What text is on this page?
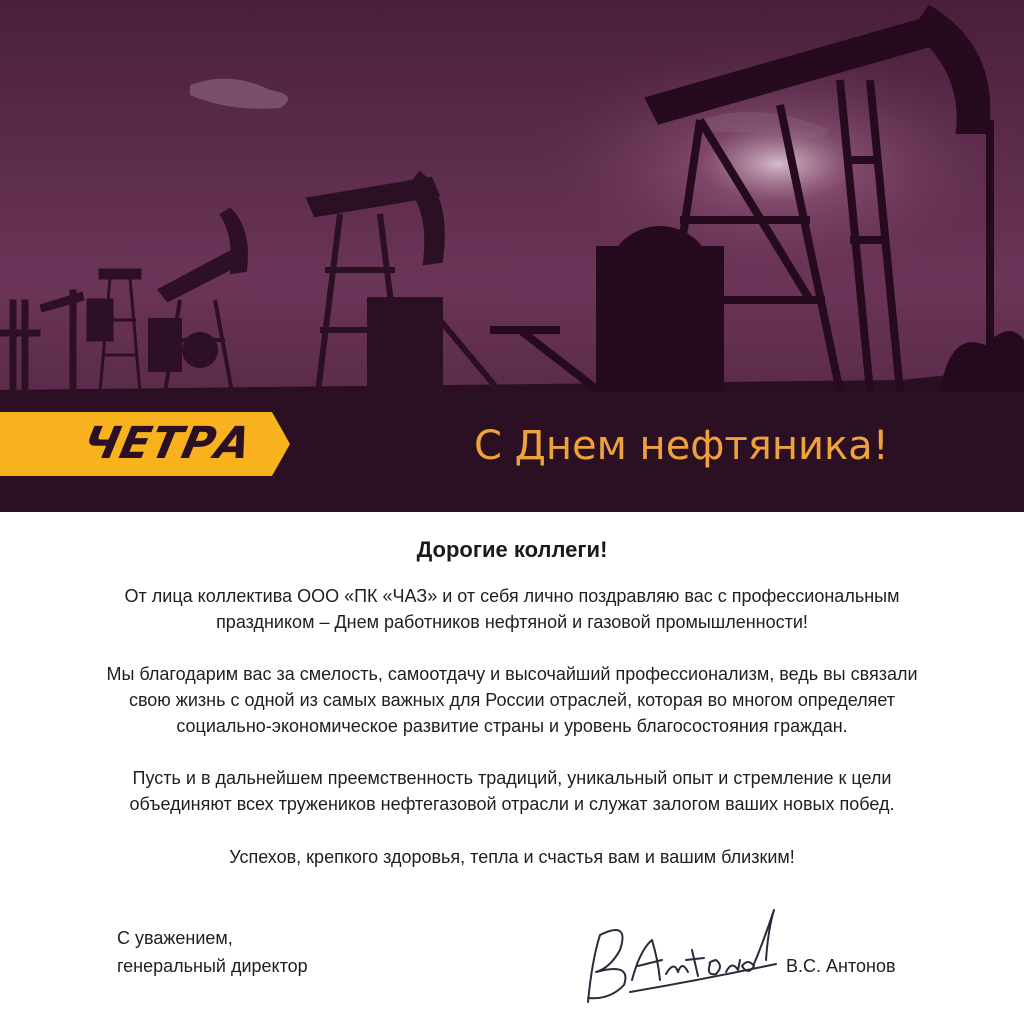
ЧЕТРА	С Днем нефтяника!
Дорогие коллеги!
От лица коллектива ООО «ПК «ЧАЗ» и от себя лично поздравляю вас с профессиональным
праздником – Днем работников нефтяной и газовой промышленности!
Мы благодарим вас за смелость, самоотдачу и высочайший профессионализм, ведь вы связали
свою жизнь с одной из самых важных для России отраслей, которая во многом определяет
социально-экономическое развитие страны и уровень благосостояния граждан.
Пусть и в дальнейшем преемственность традиций, уникальный опыт и стремление к цели
объединяют всех тружеников нефтегазовой отрасли и служат залогом ваших новых побед.
Успехов, крепкого здоровья, тепла и счастья вам и вашим близким!
С уважением,
генеральный директор	В.С. Антонов
